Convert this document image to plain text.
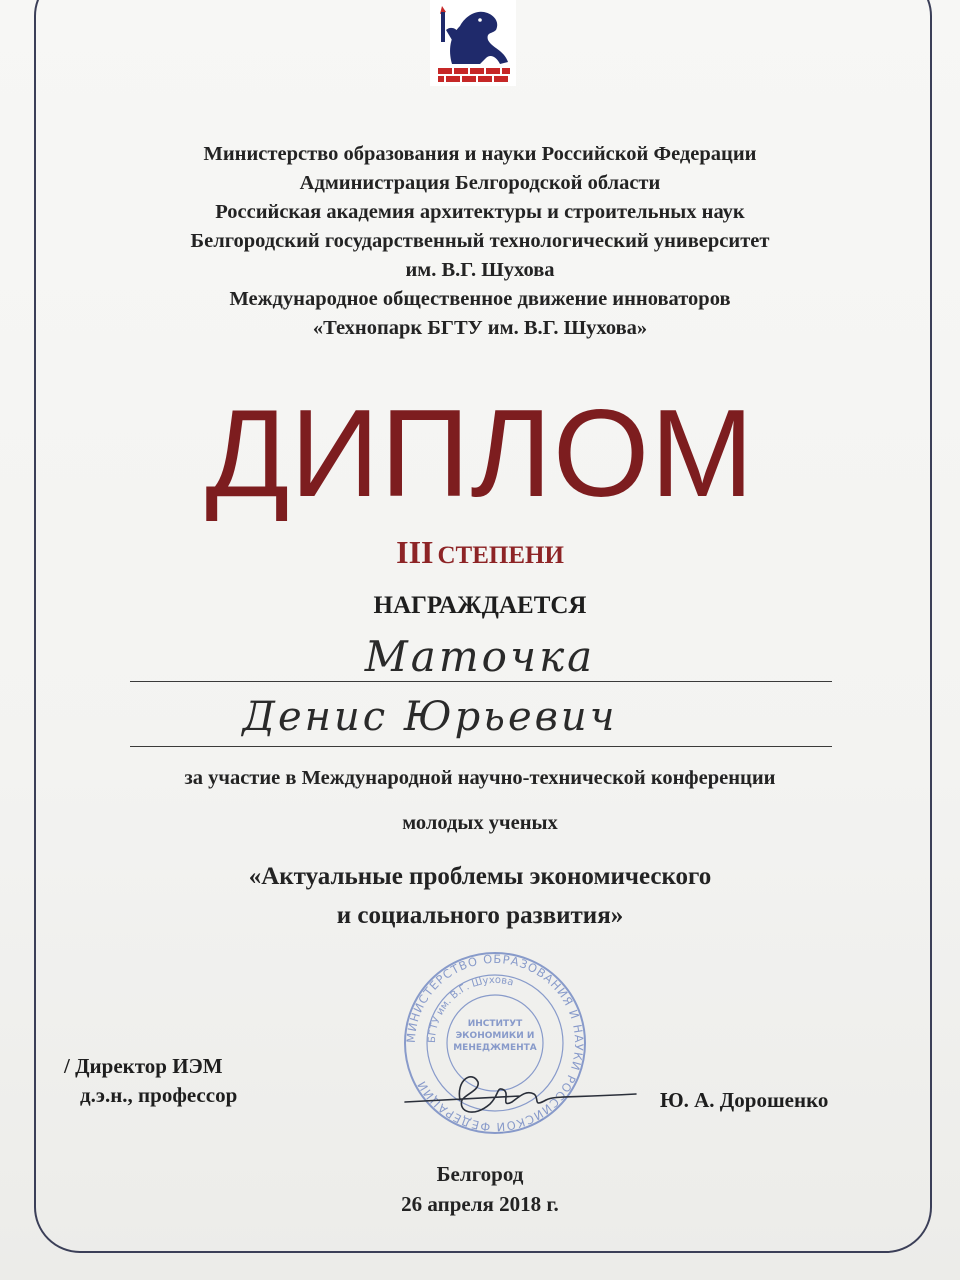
Министерство образования и науки Российской Федерации
Администрация Белгородской области
Российская академия архитектуры и строительных наук
Белгородский государственный технологический университет
им. В.Г. Шухова
Международное общественное движение инноваторов
«Технопарк БГТУ им. В.Г. Шухова»
ДИПЛОМ
III СТЕПЕНИ
НАГРАЖДАЕТСЯ
Маточка
Денис Юрьевич
за участие в Международной научно-технической конференции
молодых ученых
«Актуальные проблемы экономического
и социального развития»
МИНИСТЕРСТВО ОБРАЗОВАНИЯ И НАУКИ РОССИЙСКОЙ ФЕДЕРАЦИИ
БГТУ им. В.Г. Шухова
ИНСТИТУТ ЭКОНОМИКИ И МЕНЕДЖМЕНТА
/ Директор ИЭМ
д.э.н., профессор	Ю. А. Дорошенко
Белгород
26 апреля 2018 г.
